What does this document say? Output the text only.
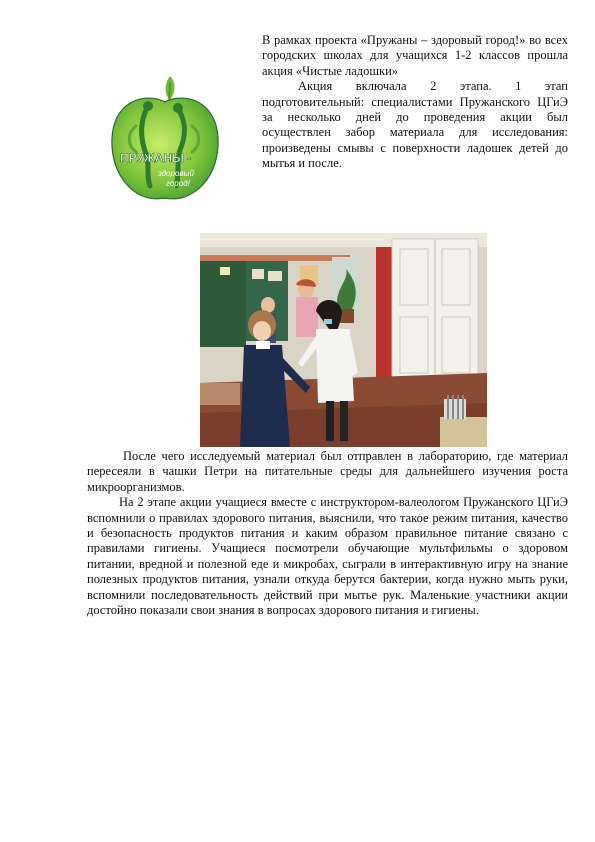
ПРУЖАНЫ -
здоровый
город!

В рамках проекта «Пружаны – здоровый город!» во всех городских школах для учащихся 1-2 классов прошла акция «Чистые ладошки»

Акция включала 2 этапа. 1 этап подготовительный: специалистами Пружанского ЦГиЭ за несколько дней до проведения акции был осуществлен забор материала для исследования: произведены смывы с поверхности ладошек детей до мытья и после.

После чего исследуемый материал был отправлен в лабораторию, где материал пересеяли в чашки Петри на питательные среды для дальнейшего изучения роста микроорганизмов.

На 2 этапе акции учащиеся вместе с инструктором-валеологом Пружанского ЦГиЭ вспомнили о правилах здорового питания, выяснили, что такое режим питания, качество и безопасность продуктов питания и каким образом правильное питание связано с правилами гигиены. Учащиеся посмотрели обучающие мультфильмы о здоровом питании, вредной и полезной еде и микробах, сыграли в интерактивную игру на знание полезных продуктов питания, узнали откуда берутся бактерии, когда нужно мыть руки, вспомнили последовательность действий при мытье рук. Маленькие участники акции достойно показали свои знания в вопросах здорового питания и гигиены.
